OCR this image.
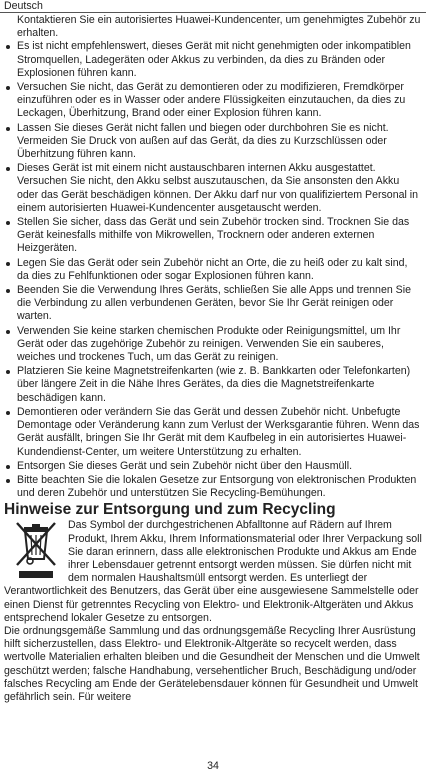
Deutsch
Kontaktieren Sie ein autorisiertes Huawei-Kundencenter, um genehmigtes Zubehör zu erhalten.
Es ist nicht empfehlenswert, dieses Gerät mit nicht genehmigten oder inkompatiblen Stromquellen, Ladegeräten oder Akkus zu verbinden, da dies zu Bränden oder Explosionen führen kann.
Versuchen Sie nicht, das Gerät zu demontieren oder zu modifizieren, Fremdkörper einzuführen oder es in Wasser oder andere Flüssigkeiten einzutauchen, da dies zu Leckagen, Überhitzung, Brand oder einer Explosion führen kann.
Lassen Sie dieses Gerät nicht fallen und biegen oder durchbohren Sie es nicht. Vermeiden Sie Druck von außen auf das Gerät, da dies zu Kurzschlüssen oder Überhitzung führen kann.
Dieses Gerät ist mit einem nicht austauschbaren internen Akku ausgestattet. Versuchen Sie nicht, den Akku selbst auszutauschen, da Sie ansonsten den Akku oder das Gerät beschädigen können. Der Akku darf nur von qualifiziertem Personal in einem autorisierten Huawei-Kundencenter ausgetauscht werden.
Stellen Sie sicher, dass das Gerät und sein Zubehör trocken sind. Trocknen Sie das Gerät keinesfalls mithilfe von Mikrowellen, Trocknern oder anderen externen Heizgeräten.
Legen Sie das Gerät oder sein Zubehör nicht an Orte, die zu heiß oder zu kalt sind, da dies zu Fehlfunktionen oder sogar Explosionen führen kann.
Beenden Sie die Verwendung Ihres Geräts, schließen Sie alle Apps und trennen Sie die Verbindung zu allen verbundenen Geräten, bevor Sie Ihr Gerät reinigen oder warten.
Verwenden Sie keine starken chemischen Produkte oder Reinigungsmittel, um Ihr Gerät oder das zugehörige Zubehör zu reinigen. Verwenden Sie ein sauberes, weiches und trockenes Tuch, um das Gerät zu reinigen.
Platzieren Sie keine Magnetstreifenkarten (wie z. B. Bankkarten oder Telefonkarten) über längere Zeit in die Nähe Ihres Gerätes, da dies die Magnetstreifenkarte beschädigen kann.
Demontieren oder verändern Sie das Gerät und dessen Zubehör nicht. Unbefugte Demontage oder Veränderung kann zum Verlust der Werksgarantie führen. Wenn das Gerät ausfällt, bringen Sie Ihr Gerät mit dem Kaufbeleg in ein autorisiertes Huawei-Kundendienst-Center, um weitere Unterstützung zu erhalten.
Entsorgen Sie dieses Gerät und sein Zubehör nicht über den Hausmüll.
Bitte beachten Sie die lokalen Gesetze zur Entsorgung von elektronischen Produkten und deren Zubehör und unterstützen Sie Recycling-Bemühungen.
Hinweise zur Entsorgung und zum Recycling

Das Symbol der durchgestrichenen Abfalltonne auf Rädern auf Ihrem Produkt, Ihrem Akku, Ihrem Informationsmaterial oder Ihrer Verpackung soll Sie daran erinnern, dass alle elektronischen Produkte und Akkus am Ende ihrer Lebensdauer getrennt entsorgt werden müssen. Sie dürfen nicht mit dem normalen Haushaltsmüll entsorgt werden. Es unterliegt der Verantwortlichkeit des Benutzers, das Gerät über eine ausgewiesene Sammelstelle oder einen Dienst für getrenntes Recycling von Elektro- und Elektronik-Altgeräten und Akkus entsprechend lokaler Gesetze zu entsorgen.

Die ordnungsgemäße Sammlung und das ordnungsgemäße Recycling Ihrer Ausrüstung hilft sicherzustellen, dass Elektro- und Elektronik-Altgeräte so recycelt werden, dass wertvolle Materialien erhalten bleiben und die Gesundheit der Menschen und die Umwelt geschützt werden; falsche Handhabung, versehentlicher Bruch, Beschädigung und/oder falsches Recycling am Ende der Gerätelebensdauer können für Gesundheit und Umwelt gefährlich sein. Für weitere

34
